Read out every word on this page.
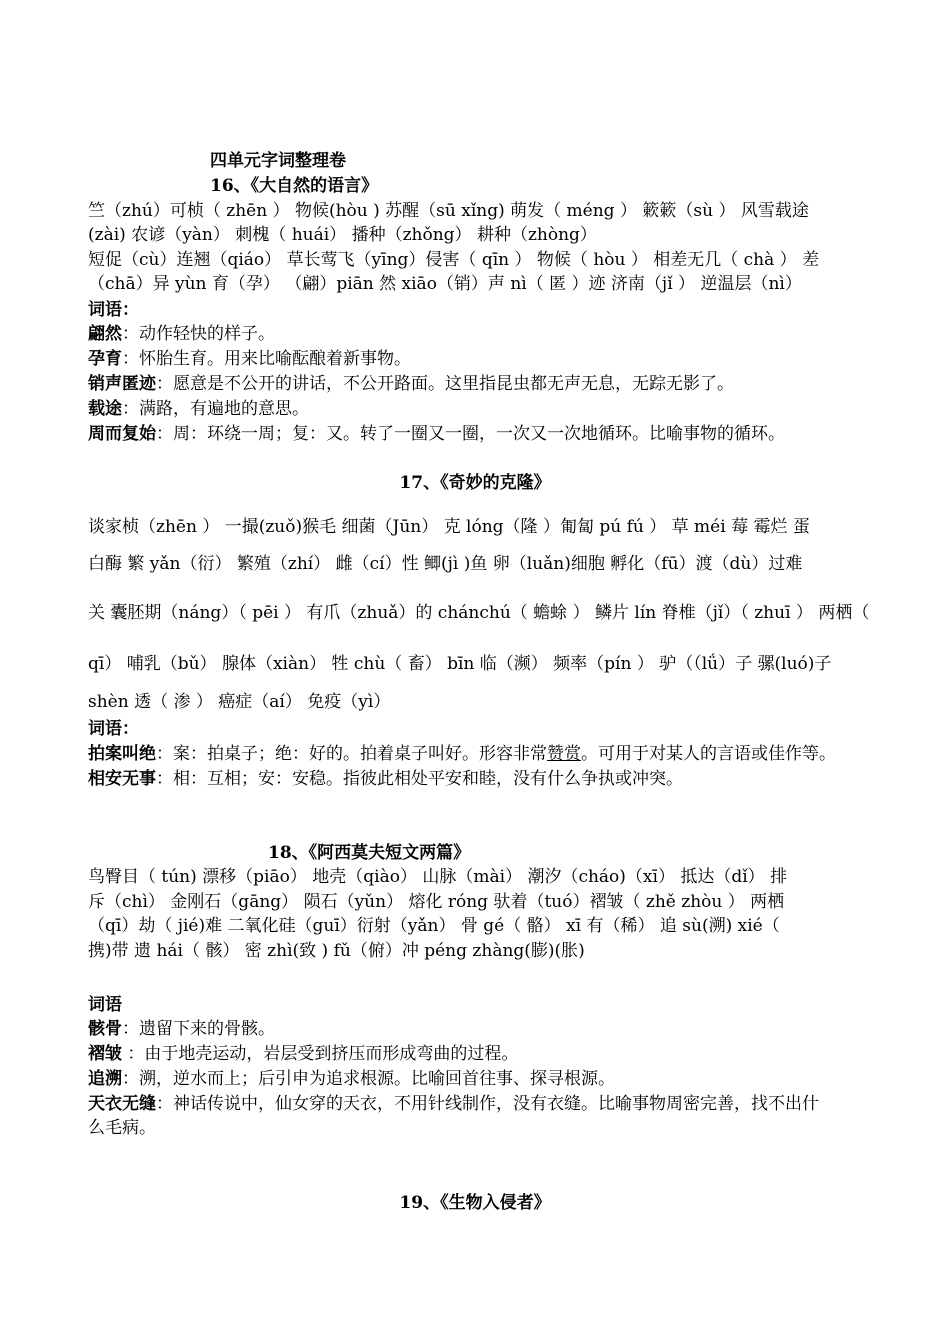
四单元字词整理卷
16、《大自然的语言》
竺（zhú）可桢（ zhēn ） 物候(hòu ) 苏醒（sū xǐng) 萌发（ méng ） 簌簌（sù ） 风雪载途
(zài) 农谚（yàn） 刺槐（ huái） 播种（zhǒng） 耕种（zhòng）
短促（cù）连翘（qiáo） 草长莺飞（yīng）侵害（ qīn ） 物候（ hòu ） 相差无几（ chà ） 差
（chā）异 yùn 育（孕） （翩）piān 然 xiāo（销）声 nì（ 匿 ）迹 济南（jǐ ） 逆温层（nì）
词语：
翩然：动作轻快的样子。
孕育：怀胎生育。用来比喻酝酿着新事物。
销声匿迹：愿意是不公开的讲话，不公开路面。这里指昆虫都无声无息，无踪无影了。
载途：满路，有遍地的意思。
周而复始：周：环绕一周；复：又。转了一圈又一圈，一次又一次地循环。比喻事物的循环。
17、《奇妙的克隆》
谈家桢（zhēn ） 一撮(zuǒ)猴毛 细菌（Jūn） 克 lóng（隆 ）匍匐 pú fú ） 草 méi 莓 霉烂 蛋
白酶 繁 yǎn（衍） 繁殖（zhí） 雌（cí）性 鲫(jì )鱼 卵（luǎn)细胞 孵化（fū）渡（dù）过难
关 囊胚期（náng）（ pēi ） 有爪（zhuǎ）的 chánchú（ 蟾蜍 ） 鳞片 lín 脊椎（jǐ）（ zhuī ） 两栖（
qī） 哺乳（bǔ） 腺体（xiàn） 牲 chù（ 畜） bīn 临（濒） 频率（pín ） 驴（（lǘ）子 骡(luó)子
shèn 透（ 渗 ） 癌症（aí） 免疫（yì）
词语：
拍案叫绝：案：拍桌子；绝：好的。拍着桌子叫好。形容非常赞赏。可用于对某人的言语或佳作等。
相安无事：相：互相；安：安稳。指彼此相处平安和睦，没有什么争执或冲突。
18、《阿西莫夫短文两篇》
鸟臀目（ tún) 漂移（piāo） 地壳（qiào） 山脉（mài） 潮汐（cháo)（xī） 抵达（dǐ） 排
斥（chì） 金刚石（gāng） 陨石（yǔn） 熔化 róng 驮着（tuó）褶皱（ zhě zhòu ） 两栖
（qī）劫（ jié)难 二氧化硅（guī）衍射（yǎn） 骨 gé（ 骼） xī 有（稀） 追 sù(溯) xié（
携)带 遗 hái（ 骸） 密 zhì(致 ) fǔ（俯）冲 péng zhàng(膨)(胀)
词语
骸骨：遗留下来的骨骸。
褶皱 ：由于地壳运动，岩层受到挤压而形成弯曲的过程。
追溯：溯，逆水而上；后引申为追求根源。比喻回首往事、探寻根源。
天衣无缝：神话传说中，仙女穿的天衣，不用针线制作，没有衣缝。比喻事物周密完善，找不出什
么毛病。
19、《生物入侵者》
